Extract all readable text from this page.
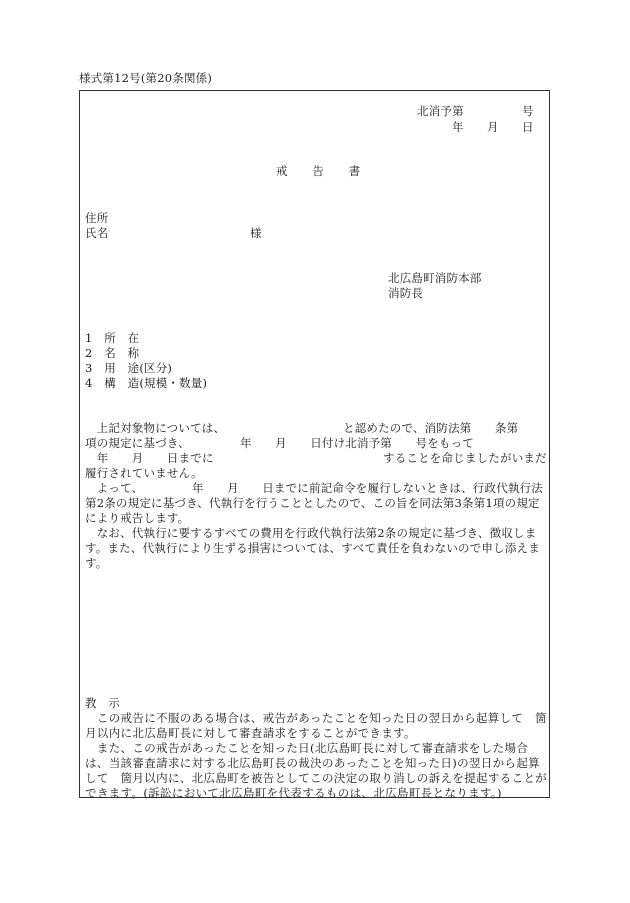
様式第12号(第20条関係)
北消予第	号
年 月 日
戒　　告　　書
住所
氏名	様
北広島町消防本部
消防長
1　所　在
2　名　称
3　用　途(区分)
4　構　造(規模・数量)
　上記対象物については、	と認めたので、消防法第　　条第
項の規定に基づき、	年　　月　　日付け北消予第　　号をもって
　年　　月　　日までに	することを命じましたがいまだ
履行されていません。
　よって、	年　　月　　日までに前記命令を履行しないときは、行政代執行法
第2条の規定に基づき、代執行を行うこととしたので、この旨を同法第3条第1項の規定
により戒告します。
　なお、代執行に要するすべての費用を行政代執行法第2条の規定に基づき、徴収しま
す。また、代執行により生ずる損害については、すべて責任を負わないので申し添えま
す。
教　示
　この戒告に不服のある場合は、戒告があったことを知った日の翌日から起算して　箇
月以内に北広島町長に対して審査請求をすることができます。
　また、この戒告があったことを知った日(北広島町長に対して審査請求をした場合
は、当該審査請求に対する北広島町長の裁決のあったことを知った日)の翌日から起算
して　箇月以内に、北広島町を被告としてこの決定の取り消しの訴えを提起することが
できます。(訴訟において北広島町を代表するものは、北広島町長となります。)
